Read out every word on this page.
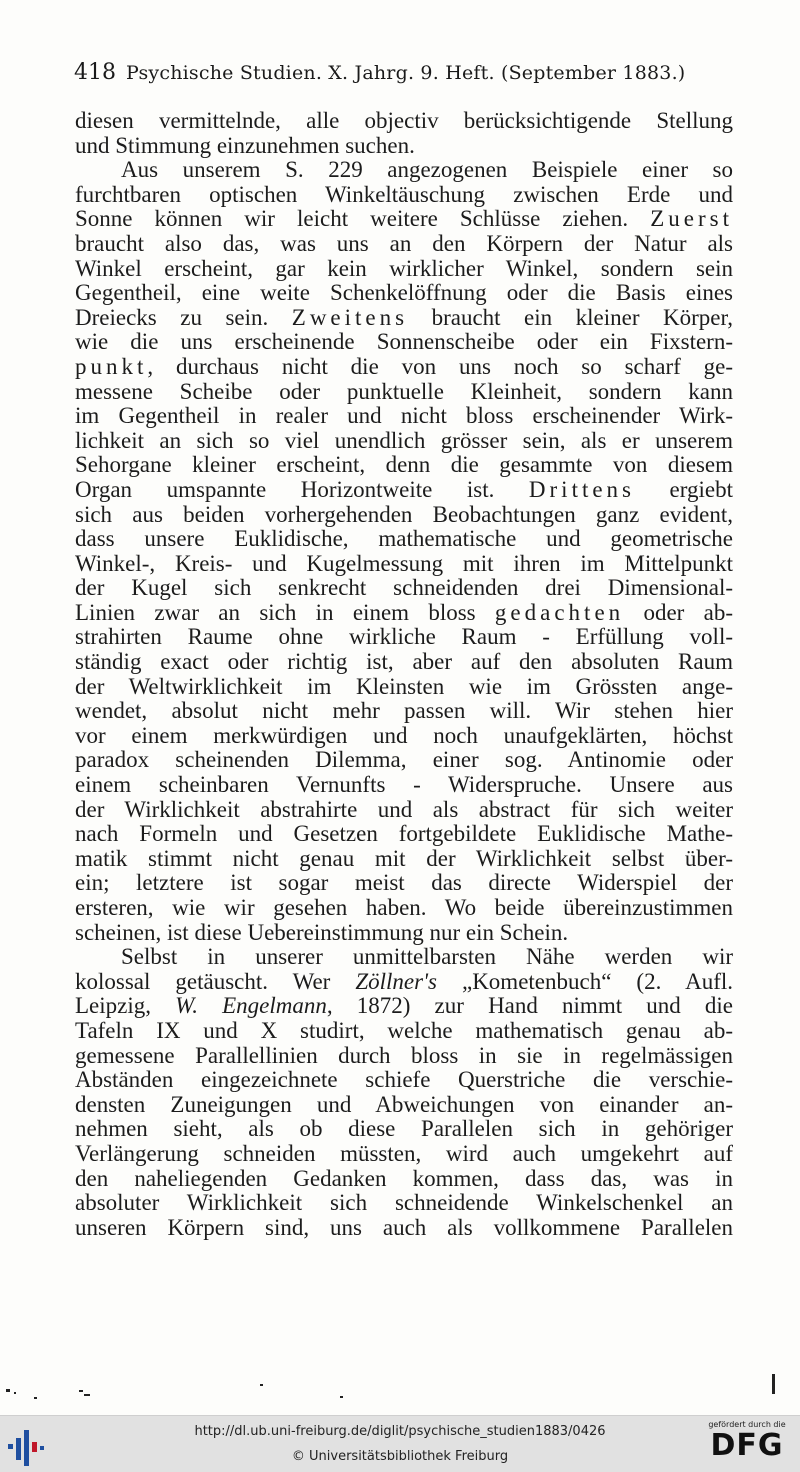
418 Psychische Studien. X. Jahrg. 9. Heft. (September 1883.)
diesen vermittelnde, alle objectiv berücksichtigende Stellung
und Stimmung einzunehmen suchen.
Aus unserem S. 229 angezogenen Beispiele einer so
furchtbaren optischen Winkeltäuschung zwischen Erde und
Sonne können wir leicht weitere Schlüsse ziehen. Zuerst
braucht also das, was uns an den Körpern der Natur als
Winkel erscheint, gar kein wirklicher Winkel, sondern sein
Gegentheil, eine weite Schenkelöffnung oder die Basis eines
Dreiecks zu sein. Zweitens braucht ein kleiner Körper,
wie die uns erscheinende Sonnenscheibe oder ein Fixstern-
punkt, durchaus nicht die von uns noch so scharf ge-
messene Scheibe oder punktuelle Kleinheit, sondern kann
im Gegentheil in realer und nicht bloss erscheinender Wirk-
lichkeit an sich so viel unendlich grösser sein, als er unserem
Sehorgane kleiner erscheint, denn die gesammte von diesem
Organ umspannte Horizontweite ist. Drittens ergiebt
sich aus beiden vorhergehenden Beobachtungen ganz evident,
dass unsere Euklidische, mathematische und geometrische
Winkel-, Kreis- und Kugelmessung mit ihren im Mittelpunkt
der Kugel sich senkrecht schneidenden drei Dimensional-
Linien zwar an sich in einem bloss gedachten oder ab-
strahirten Raume ohne wirkliche Raum - Erfüllung voll-
ständig exact oder richtig ist, aber auf den absoluten Raum
der Weltwirklichkeit im Kleinsten wie im Grössten ange-
wendet, absolut nicht mehr passen will. Wir stehen hier
vor einem merkwürdigen und noch unaufgeklärten, höchst
paradox scheinenden Dilemma, einer sog. Antinomie oder
einem scheinbaren Vernunfts - Widerspruche. Unsere aus
der Wirklichkeit abstrahirte und als abstract für sich weiter
nach Formeln und Gesetzen fortgebildete Euklidische Mathe-
matik stimmt nicht genau mit der Wirklichkeit selbst über-
ein; letztere ist sogar meist das directe Widerspiel der
ersteren, wie wir gesehen haben. Wo beide übereinzustimmen
scheinen, ist diese Uebereinstimmung nur ein Schein.
Selbst in unserer unmittelbarsten Nähe werden wir
kolossal getäuscht. Wer Zöllner's „Kometenbuch“ (2. Aufl.
Leipzig, W. Engelmann, 1872) zur Hand nimmt und die
Tafeln IX und X studirt, welche mathematisch genau ab-
gemessene Parallellinien durch bloss in sie in regelmässigen
Abständen eingezeichnete schiefe Querstriche die verschie-
densten Zuneigungen und Abweichungen von einander an-
nehmen sieht, als ob diese Parallelen sich in gehöriger
Verlängerung schneiden müssten, wird auch umgekehrt auf
den naheliegenden Gedanken kommen, dass das, was in
absoluter Wirklichkeit sich schneidende Winkelschenkel an
unseren Körpern sind, uns auch als vollkommene Parallelen
http://dl.ub.uni-freiburg.de/diglit/psychische_studien1883/0426
© Universitätsbibliothek Freiburg
gefördert durch die
DFG
